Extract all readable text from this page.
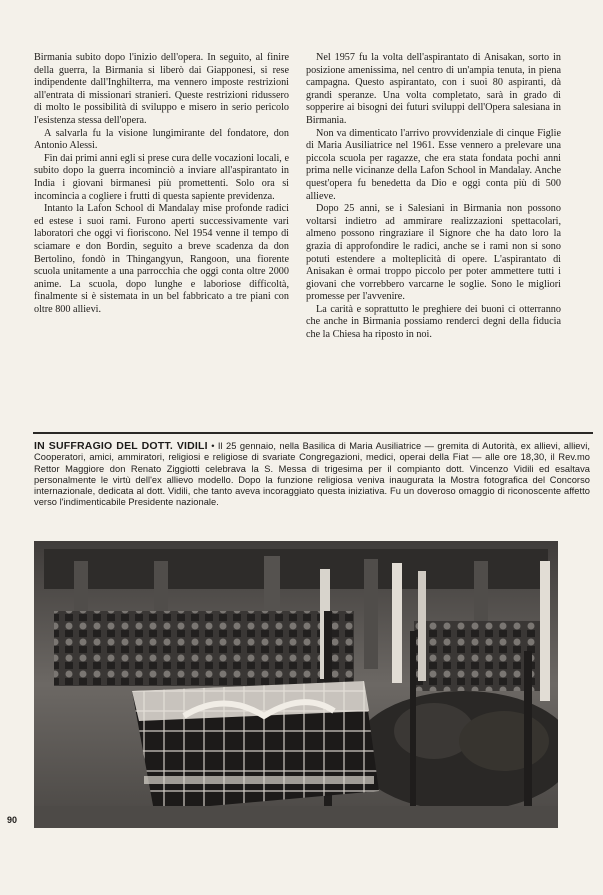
Birmania subito dopo l'inizio dell'opera. In seguito, al finire della guerra, la Birmania si liberò dai Giapponesi, si rese indipendente dall'Inghilterra, ma vennero imposte restrizioni all'entrata di missionari stranieri. Queste restrizioni ridussero di molto le possibilità di sviluppo e misero in serio pericolo l'esistenza stessa dell'opera.

A salvarla fu la visione lungimirante del fondatore, don Antonio Alessi.

Fin dai primi anni egli si prese cura delle vocazioni locali, e subito dopo la guerra incominciò a inviare all'aspirantato in India i giovani birmanesi più promettenti. Solo ora si incomincia a cogliere i frutti di questa sapiente previdenza.

Intanto la Lafon School di Mandalay mise profonde radici ed estese i suoi rami. Furono aperti successivamente vari laboratori che oggi vi fioriscono. Nel 1954 venne il tempo di sciamare e don Bordin, seguito a breve scadenza da don Bertolino, fondò in Thingangyun, Rangoon, una fiorente scuola unitamente a una parrocchia che oggi conta oltre 2000 anime. La scuola, dopo lunghe e laboriose difficoltà, finalmente si è sistemata in un bel fabbricato a tre piani con oltre 800 allievi.

Nel 1957 fu la volta dell'aspirantato di Anisakan, sorto in posizione amenissima, nel centro di un'ampia tenuta, in piena campagna. Questo aspirantato, con i suoi 80 aspiranti, dà grandi speranze. Una volta completato, sarà in grado di sopperire ai bisogni dei futuri sviluppi dell'Opera salesiana in Birmania.

Non va dimenticato l'arrivo provvidenziale di cinque Figlie di Maria Ausiliatrice nel 1961. Esse vennero a prelevare una piccola scuola per ragazze, che era stata fondata pochi anni prima nelle vicinanze della Lafon School in Mandalay. Anche quest'opera fu benedetta da Dio e oggi conta più di 500 allieve.

Dopo 25 anni, se i Salesiani in Birmania non possono voltarsi indietro ad ammirare realizzazioni spettacolari, almeno possono ringraziare il Signore che ha dato loro la grazia di approfondire le radici, anche se i rami non si sono potuti estendere a molteplicità di opere. L'aspirantato di Anisakan è ormai troppo piccolo per poter ammettere tutti i giovani che vorrebbero varcarne le soglie. Sono le migliori promesse per l'avvenire.

La carità e soprattutto le preghiere dei buoni ci otterranno che anche in Birmania possiamo renderci degni della fiducia che la Chiesa ha riposto in noi.

IN SUFFRAGIO DEL DOTT. VIDILI • Il 25 gennaio, nella Basilica di Maria Ausiliatrice — gremita di Autorità, ex allievi, allievi, Cooperatori, amici, ammiratori, religiosi e religiose di svariate Congregazioni, medici, operai della Fiat — alle ore 18,30, il Rev.mo Rettor Maggiore don Renato Ziggiotti celebrava la S. Messa di trigesima per il compianto dott. Vincenzo Vidili ed esaltava personalmente le virtù dell'ex allievo modello. Dopo la funzione religiosa veniva inaugurata la Mostra fotografica del Concorso internazionale, dedicata al dott. Vidili, che tanto aveva incoraggiato questa iniziativa. Fu un doveroso omaggio di riconoscente affetto verso l'indimenticabile Presidente nazionale.
90
